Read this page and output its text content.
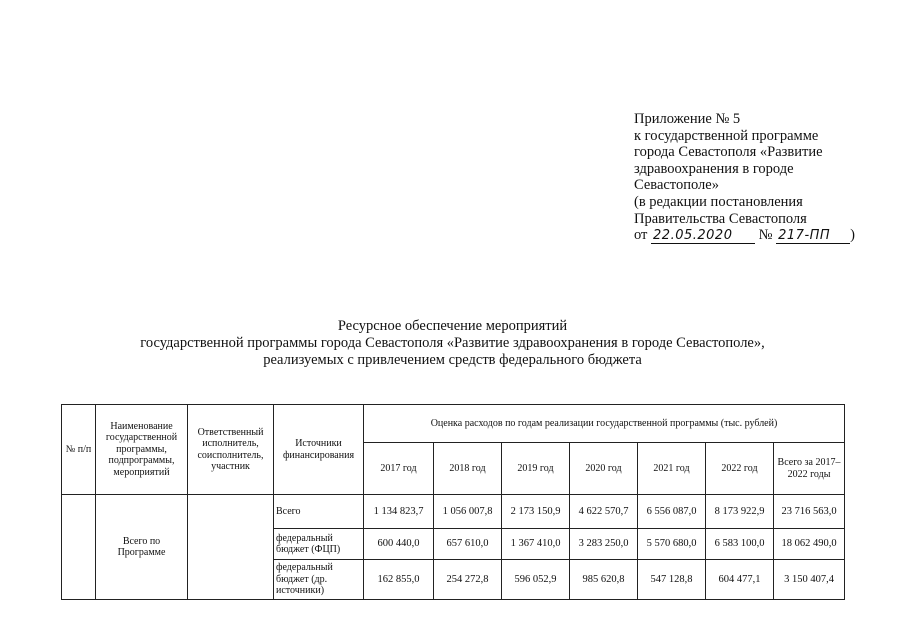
Приложение № 5
к государственной программе
города Севастополя «Развитие
здравоохранения в городе
Севастополе»
(в редакции постановления
Правительства Севастополя
от 22.05.2020 № 217-ПП )
Ресурсное обеспечение мероприятий
государственной программы города Севастополя «Развитие здравоохранения в городе Севастополе»,
реализуемых с привлечением средств федерального бюджета
№ п/п	Наименование государственной программы, подпрограммы, мероприятий	Ответственный исполнитель, соисполнитель, участник	Источники финансирования	Оценка расходов по годам реализации государственной программы (тыс. рублей)						
				2017 год	2018 год	2019 год	2020 год	2021 год	2022 год	Всего за 2017–2022 годы
	Всего по Программе		Всего	1 134 823,7	1 056 007,8	2 173 150,9	4 622 570,7	6 556 087,0	8 173 922,9	23 716 563,0
			федеральный бюджет (ФЦП)	600 440,0	657 610,0	1 367 410,0	3 283 250,0	5 570 680,0	6 583 100,0	18 062 490,0
			федеральный бюджет (др. источники)	162 855,0	254 272,8	596 052,9	985 620,8	547 128,8	604 477,1	3 150 407,4
